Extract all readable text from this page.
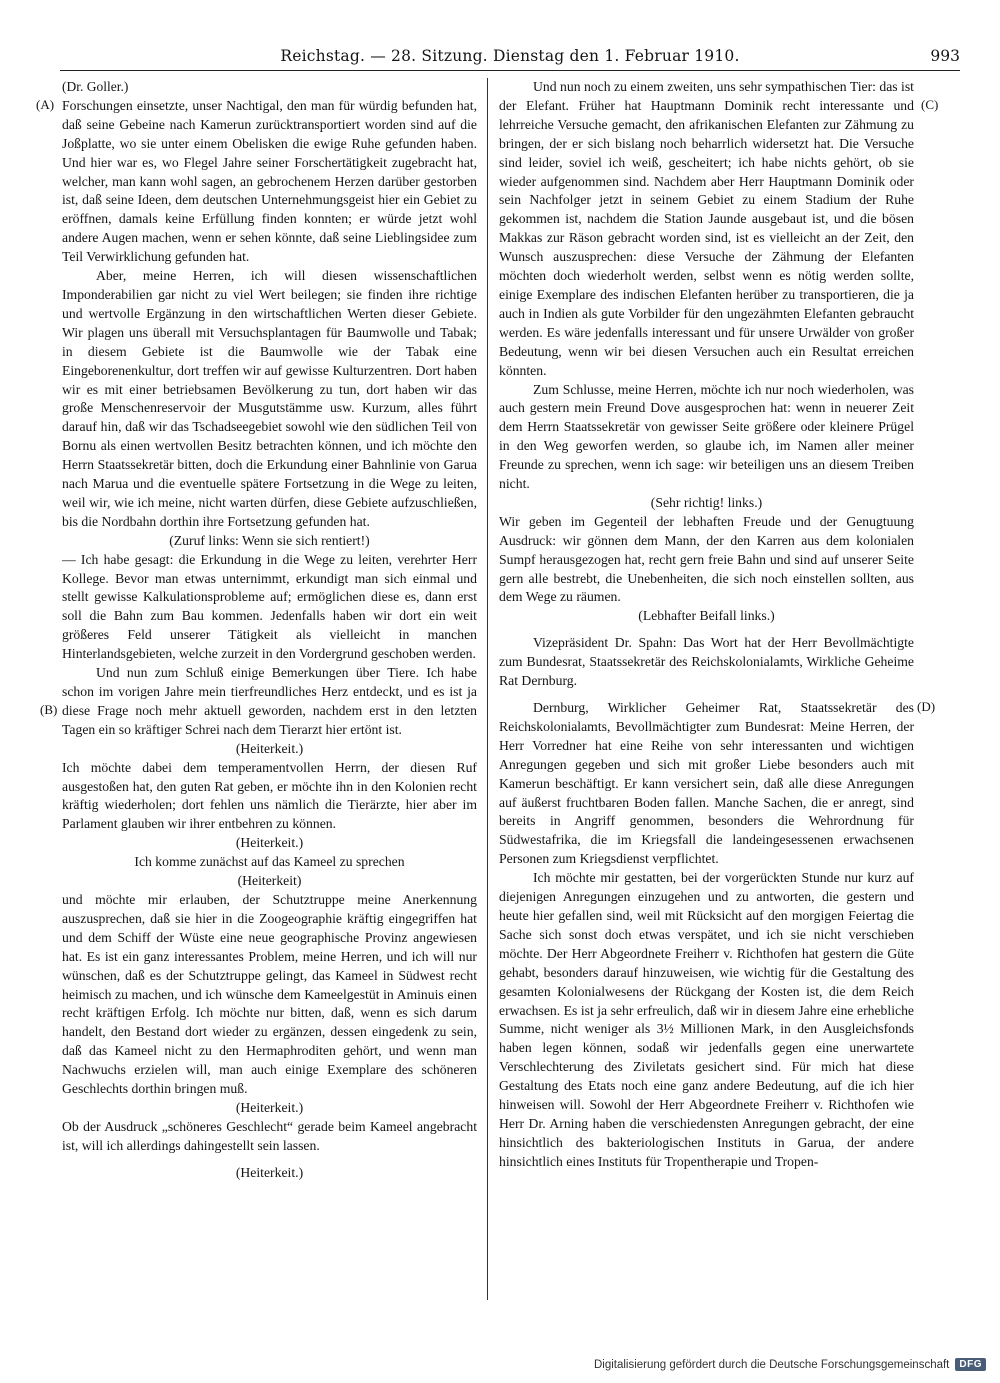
Reichstag. — 28. Sitzung. Dienstag den 1. Februar 1910.	993
(A)
(B)
(C)
(D)

(Dr. Goller.)

Forschungen einsetzte, unser Nachtigal, den man für würdig befunden hat, daß seine Gebeine nach Kamerun zurücktransportiert worden sind auf die Joßplatte, wo sie unter einem Obelisken die ewige Ruhe gefunden haben. Und hier war es, wo Flegel Jahre seiner Forschertätigkeit zugebracht hat, welcher, man kann wohl sagen, an gebrochenem Herzen darüber gestorben ist, daß seine Ideen, dem deutschen Unternehmungsgeist hier ein Gebiet zu eröffnen, damals keine Erfüllung finden konnten; er würde jetzt wohl andere Augen machen, wenn er sehen könnte, daß seine Lieblingsidee zum Teil Verwirklichung gefunden hat.

Aber, meine Herren, ich will diesen wissenschaftlichen Imponderabilien gar nicht zu viel Wert beilegen; sie finden ihre richtige und wertvolle Ergänzung in den wirtschaftlichen Werten dieser Gebiete. Wir plagen uns überall mit Versuchsplantagen für Baumwolle und Tabak; in diesem Gebiete ist die Baumwolle wie der Tabak eine Eingeborenenkultur, dort treffen wir auf gewisse Kulturzentren. Dort haben wir es mit einer betriebsamen Bevölkerung zu tun, dort haben wir das große Menschenreservoir der Musgutstämme usw. Kurzum, alles führt darauf hin, daß wir das Tschadseegebiet sowohl wie den südlichen Teil von Bornu als einen wertvollen Besitz betrachten können, und ich möchte den Herrn Staatssekretär bitten, doch die Erkundung einer Bahnlinie von Garua nach Marua und die eventuelle spätere Fortsetzung in die Wege zu leiten, weil wir, wie ich meine, nicht warten dürfen, diese Gebiete aufzuschließen, bis die Nordbahn dorthin ihre Fortsetzung gefunden hat.

(Zuruf links: Wenn sie sich rentiert!)

— Ich habe gesagt: die Erkundung in die Wege zu leiten, verehrter Herr Kollege. Bevor man etwas unternimmt, erkundigt man sich einmal und stellt gewisse Kalkulationsprobleme auf; ermöglichen diese es, dann erst soll die Bahn zum Bau kommen. Jedenfalls haben wir dort ein weit größeres Feld unserer Tätigkeit als vielleicht in manchen Hinterlandsgebieten, welche zurzeit in den Vordergrund geschoben werden.

Und nun zum Schluß einige Bemerkungen über Tiere. Ich habe schon im vorigen Jahre mein tierfreundliches Herz entdeckt, und es ist ja diese Frage noch mehr aktuell geworden, nachdem erst in den letzten Tagen ein so kräftiger Schrei nach dem Tierarzt hier ertönt ist.

(Heiterkeit.)

Ich möchte dabei dem temperamentvollen Herrn, der diesen Ruf ausgestoßen hat, den guten Rat geben, er möchte ihn in den Kolonien recht kräftig wiederholen; dort fehlen uns nämlich die Tierärzte, hier aber im Parlament glauben wir ihrer entbehren zu können.

(Heiterkeit.)

Ich komme zunächst auf das Kameel zu sprechen

(Heiterkeit)

und möchte mir erlauben, der Schutztruppe meine Anerkennung auszusprechen, daß sie hier in die Zoogeographie kräftig eingegriffen hat und dem Schiff der Wüste eine neue geographische Provinz angewiesen hat. Es ist ein ganz interessantes Problem, meine Herren, und ich will nur wünschen, daß es der Schutztruppe gelingt, das Kameel in Südwest recht heimisch zu machen, und ich wünsche dem Kameelgestüt in Aminuis einen recht kräftigen Erfolg. Ich möchte nur bitten, daß, wenn es sich darum handelt, den Bestand dort wieder zu ergänzen, dessen eingedenk zu sein, daß das Kameel nicht zu den Hermaphroditen gehört, und wenn man Nachwuchs erzielen will, man auch einige Exemplare des schöneren Geschlechts dorthin bringen muß.

(Heiterkeit.)

Ob der Ausdruck „schöneres Geschlecht“ gerade beim Kameel angebracht ist, will ich allerdings dahingestellt sein lassen.

(Heiterkeit.)

Und nun noch zu einem zweiten, uns sehr sympathischen Tier: das ist der Elefant. Früher hat Hauptmann Dominik recht interessante und lehrreiche Versuche gemacht, den afrikanischen Elefanten zur Zähmung zu bringen, der er sich bislang noch beharrlich widersetzt hat. Die Versuche sind leider, soviel ich weiß, gescheitert; ich habe nichts gehört, ob sie wieder aufgenommen sind. Nachdem aber Herr Hauptmann Dominik oder sein Nachfolger jetzt in seinem Gebiet zu einem Stadium der Ruhe gekommen ist, nachdem die Station Jaunde ausgebaut ist, und die bösen Makkas zur Räson gebracht worden sind, ist es vielleicht an der Zeit, den Wunsch auszusprechen: diese Versuche der Zähmung der Elefanten möchten doch wiederholt werden, selbst wenn es nötig werden sollte, einige Exemplare des indischen Elefanten herüber zu transportieren, die ja auch in Indien als gute Vorbilder für den ungezähmten Elefanten gebraucht werden. Es wäre jedenfalls interessant und für unsere Urwälder von großer Bedeutung, wenn wir bei diesen Versuchen auch ein Resultat erreichen könnten.

Zum Schlusse, meine Herren, möchte ich nur noch wiederholen, was auch gestern mein Freund Dove ausgesprochen hat: wenn in neuerer Zeit dem Herrn Staatssekretär von gewisser Seite größere oder kleinere Prügel in den Weg geworfen werden, so glaube ich, im Namen aller meiner Freunde zu sprechen, wenn ich sage: wir beteiligen uns an diesem Treiben nicht.

(Sehr richtig! links.)

Wir geben im Gegenteil der lebhaften Freude und der Genugtuung Ausdruck: wir gönnen dem Mann, der den Karren aus dem kolonialen Sumpf herausgezogen hat, recht gern freie Bahn und sind auf unserer Seite gern alle bestrebt, die Unebenheiten, die sich noch einstellen sollten, aus dem Wege zu räumen.

(Lebhafter Beifall links.)

Vizepräsident Dr. Spahn: Das Wort hat der Herr Bevollmächtigte zum Bundesrat, Staatssekretär des Reichskolonialamts, Wirkliche Geheime Rat Dernburg.

Dernburg, Wirklicher Geheimer Rat, Staatssekretär des Reichskolonialamts, Bevollmächtigter zum Bundesrat: Meine Herren, der Herr Vorredner hat eine Reihe von sehr interessanten und wichtigen Anregungen gegeben und sich mit großer Liebe besonders auch mit Kamerun beschäftigt. Er kann versichert sein, daß alle diese Anregungen auf äußerst fruchtbaren Boden fallen. Manche Sachen, die er anregt, sind bereits in Angriff genommen, besonders die Wehrordnung für Südwestafrika, die im Kriegsfall die landeingesessenen erwachsenen Personen zum Kriegsdienst verpflichtet.

Ich möchte mir gestatten, bei der vorgerückten Stunde nur kurz auf diejenigen Anregungen einzugehen und zu antworten, die gestern und heute hier gefallen sind, weil mit Rücksicht auf den morgigen Feiertag die Sache sich sonst doch etwas verspätet, und ich sie nicht verschieben möchte. Der Herr Abgeordnete Freiherr v. Richthofen hat gestern die Güte gehabt, besonders darauf hinzuweisen, wie wichtig für die Gestaltung des gesamten Kolonialwesens der Rückgang der Kosten ist, die dem Reich erwachsen. Es ist ja sehr erfreulich, daß wir in diesem Jahre eine erhebliche Summe, nicht weniger als 3½ Millionen Mark, in den Ausgleichsfonds haben legen können, sodaß wir jedenfalls gegen eine unerwartete Verschlechterung des Ziviletats gesichert sind. Für mich hat diese Gestaltung des Etats noch eine ganz andere Bedeutung, auf die ich hier hinweisen will. Sowohl der Herr Abgeordnete Freiherr v. Richthofen wie Herr Dr. Arning haben die verschiedensten Anregungen gebracht, der eine hinsichtlich des bakteriologischen Instituts in Garua, der andere hinsichtlich eines Instituts für Tropentherapie und Tropen-

Digitalisierung gefördert durch die Deutsche Forschungsgemeinschaft	DFG
